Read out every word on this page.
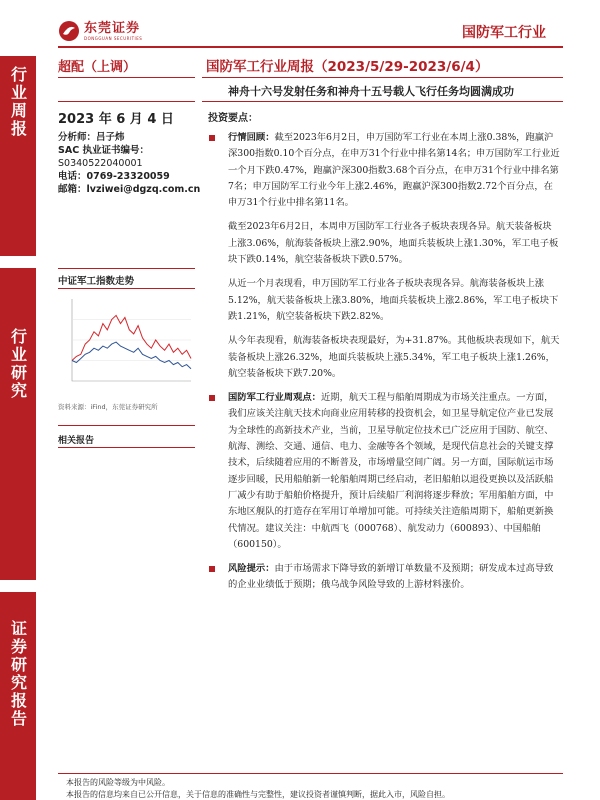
东莞证券
DONGGUAN SECURITIES	国防军工行业
行业周报
行业研究
证券研究报告
超配（上调）
2023 年 6 月 4 日
分析师：吕子炜
SAC 执业证书编号：
S0340522040001
电话：0769-23320059
邮箱：lvziwei@dgzq.com.cn
中证军工指数走势
资料来源：iFind，东莞证券研究所
相关报告
国防军工行业周报（2023/5/29-2023/6/4）
神舟十六号发射任务和神舟十五号载人飞行任务均圆满成功
投资要点：
行情回顾：截至2023年6月2日，申万国防军工行业在本周上涨0.38%，跑赢沪深300指数0.10个百分点，在申万31个行业中排名第14名；申万国防军工行业近一个月下跌0.47%，跑赢沪深300指数3.68个百分点，在申万31个行业中排名第7名；申万国防军工行业今年上涨2.46%，跑赢沪深300指数2.72个百分点，在申万31个行业中排名第11名。
截至2023年6月2日，本周申万国防军工行业各子板块表现各异。航天装备板块上涨3.06%，航海装备板块上涨2.90%，地面兵装板块上涨1.30%，军工电子板块下跌0.14%，航空装备板块下跌0.57%。
从近一个月表现看，申万国防军工行业各子板块表现各异。航海装备板块上涨5.12%，航天装备板块上涨3.80%，地面兵装板块上涨2.86%，军工电子板块下跌1.21%，航空装备板块下跌2.82%。
从今年表现看，航海装备板块表现最好，为+31.87%。其他板块表现如下，航天装备板块上涨26.32%，地面兵装板块上涨5.34%，军工电子板块上涨1.26%，航空装备板块下跌7.20%。
国防军工行业周观点：近期，航天工程与船舶周期成为市场关注重点。一方面，我们应该关注航天技术向商业应用转移的投资机会，如卫星导航定位产业已发展为全球性的高新技术产业，当前，卫星导航定位技术已广泛应用于国防、航空、航海、测绘、交通、通信、电力、金融等各个领域，是现代信息社会的关键支撑技术，后续随着应用的不断普及，市场增量空间广阔。另一方面，国际航运市场逐步回暖，民用船舶新一轮船舶周期已经启动，老旧船舶以退役更换以及活跃船厂减少有助于船舶价格提升，预计后续船厂利润将逐步释放；军用船舶方面，中东地区舰队的打造存在军用订单增加可能。可持续关注造船周期下，船舶更新换代情况。建议关注：中航西飞（000768）、航发动力（600893）、中国船舶（600150）。
风险提示：由于市场需求下降导致的新增订单数量不及预期；研发成本过高导致的企业业绩低于预期；俄乌战争风险导致的上游材料涨价。
本报告的风险等级为中风险。
本报告的信息均来自已公开信息，关于信息的准确性与完整性，建议投资者谨慎判断，据此入市，风险自担。
